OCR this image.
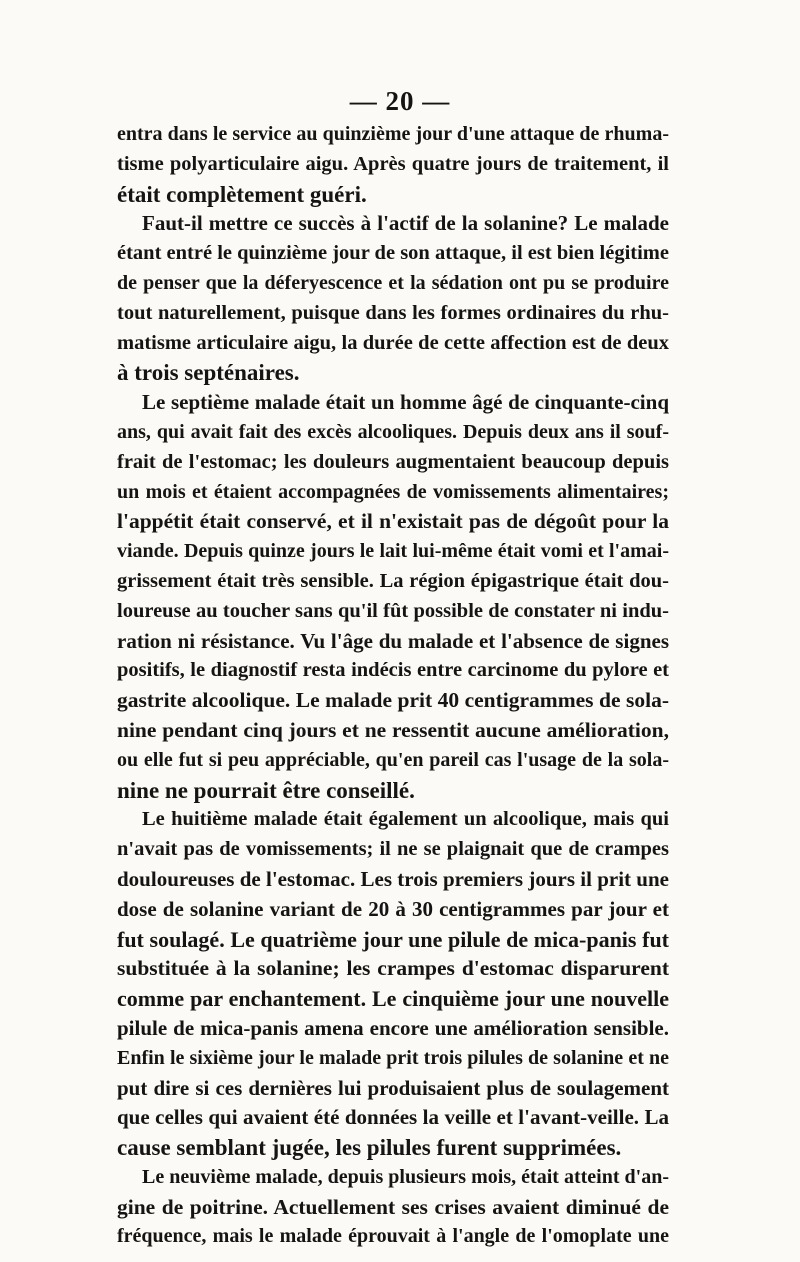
— 20 —
entra dans le service au quinzième jour d'une attaque de rhuma-
tisme polyarticulaire aigu. Après quatre jours de traitement, il
était complètement guéri.
Faut-il mettre ce succès à l'actif de la solanine? Le malade
étant entré le quinzième jour de son attaque, il est bien légitime
de penser que la déferyescence et la sédation ont pu se produire
tout naturellement, puisque dans les formes ordinaires du rhu-
matisme articulaire aigu, la durée de cette affection est de deux
à trois septénaires.
Le septième malade était un homme âgé de cinquante-cinq
ans, qui avait fait des excès alcooliques. Depuis deux ans il souf-
frait de l'estomac; les douleurs augmentaient beaucoup depuis
un mois et étaient accompagnées de vomissements alimentaires;
l'appétit était conservé, et il n'existait pas de dégoût pour la
viande. Depuis quinze jours le lait lui-même était vomi et l'amai-
grissement était très sensible. La région épigastrique était dou-
loureuse au toucher sans qu'il fût possible de constater ni indu-
ration ni résistance. Vu l'âge du malade et l'absence de signes
positifs, le diagnostif resta indécis entre carcinome du pylore et
gastrite alcoolique. Le malade prit 40 centigrammes de sola-
nine pendant cinq jours et ne ressentit aucune amélioration,
ou elle fut si peu appréciable, qu'en pareil cas l'usage de la sola-
nine ne pourrait être conseillé.
Le huitième malade était également un alcoolique, mais qui
n'avait pas de vomissements; il ne se plaignait que de crampes
douloureuses de l'estomac. Les trois premiers jours il prit une
dose de solanine variant de 20 à 30 centigrammes par jour et
fut soulagé. Le quatrième jour une pilule de mica-panis fut
substituée à la solanine; les crampes d'estomac disparurent
comme par enchantement. Le cinquième jour une nouvelle
pilule de mica-panis amena encore une amélioration sensible.
Enfin le sixième jour le malade prit trois pilules de solanine et ne
put dire si ces dernières lui produisaient plus de soulagement
que celles qui avaient été données la veille et l'avant-veille. La
cause semblant jugée, les pilules furent supprimées.
Le neuvième malade, depuis plusieurs mois, était atteint d'an-
gine de poitrine. Actuellement ses crises avaient diminué de
fréquence, mais le malade éprouvait à l'angle de l'omoplate une
